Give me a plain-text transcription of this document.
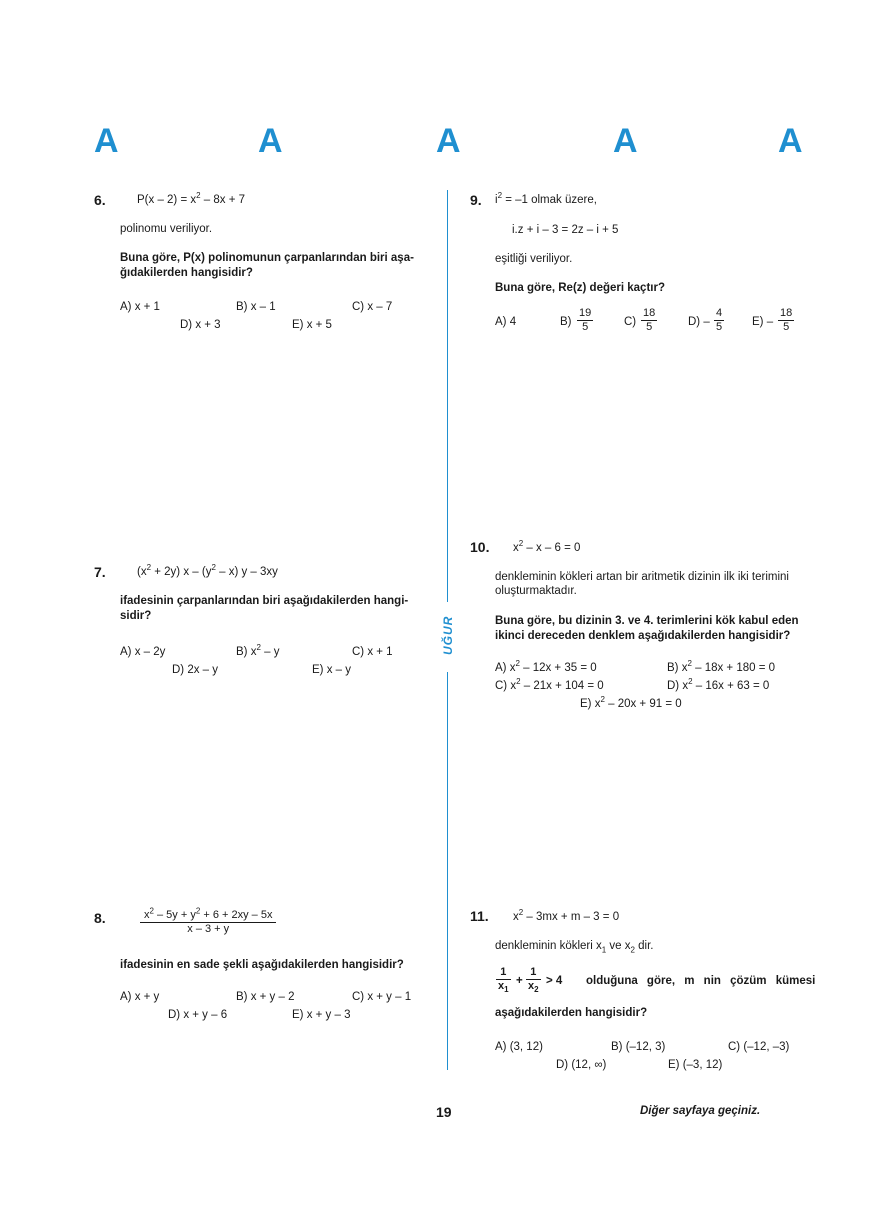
A	A	A	A	A
UĞUR
6.	$P(x - 2) = x^2 - 8x + 7$
polinomu veriliyor.
Buna göre, P(x) polinomunun çarpanlarından biri aşa-
ğıdakilerden hangisidir?
A) x + 1	B) x – 1	C) x – 7
D) x + 3	E) x + 5
7.	$(x^2 + 2y)$ x – $(y^2 - x)$ y – 3xy
ifadesinin çarpanlarından biri aşağıdakilerden hangi-
sidir?
A) x – 2y	B) $x^2$ – y	C) x + 1
D) 2x – y	E) x – y
8.	$\frac{x^2 - 5y + y^2 + 6 + 2xy - 5x}{x - 3 + y}$
ifadesinin en sade şekli aşağıdakilerden hangisidir?
A) x + y	B) x + y – 2	C) x + y – 1
D) x + y – 6	E) x + y – 3
9. $i^2 = -1$ olmak üzere,
i.z + i – 3 = 2z – i + 5
eşitliği veriliyor.
Buna göre, Re(z) değeri kaçtır?
A) 4	$B) \frac{19}{5}$	$C) \frac{18}{5}$	$D) - \frac{4}{5} E) - \frac{18}{5}$
10. $x^2 - x - 6 = 0$
denkleminin kökleri artan bir aritmetik dizinin ilk iki terimini
oluşturmaktadır.
Buna göre, bu dizinin 3. ve 4. terimlerini kök kabul eden
ikinci dereceden denklem aşağıdakilerden hangisidir?
A) $x^2 - 12x + 35 = 0$	B) $x^2 - 18x + 180 = 0$
C) $x^2 - 21x + 104 = 0$	D) $x^2 - 16x + 63 = 0$
E) $x^2 - 20x + 91 = 0$
11. $x^2 - 3mx + m - 3 = 0$
denkleminin kökleri $x_1$ ve $x_2$ dir.
$\frac{1}{x_1} + \frac{1}{x_2} > 4$ olduğuna göre, m nin çözüm kümesi
aşağıdakilerden hangisidir?
A) (3, 12)	B) (–12, 3)	C) (–12, –3)
D) (12, ∞)	E) (–3, 12)
19	Diğer sayfaya geçiniz.
